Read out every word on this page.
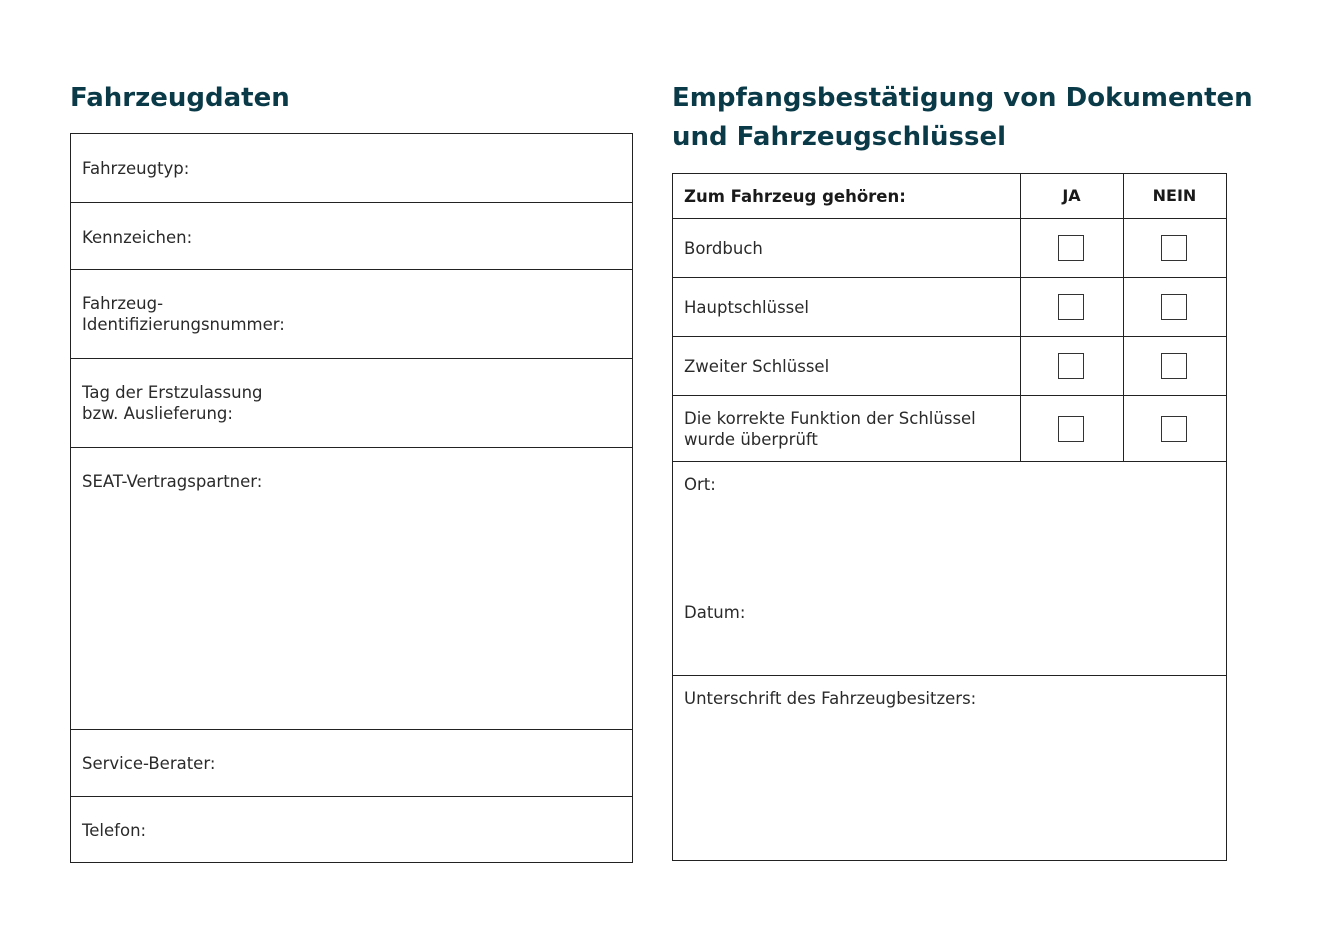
Fahrzeugdaten
Fahrzeugtyp:
Kennzeichen:
Fahrzeug-
Identifizierungsnummer:
Tag der Erstzulassung
bzw. Auslieferung:
SEAT-Vertragspartner:
Service-Berater:
Telefon:
Empfangsbestätigung von Dokumenten und Fahrzeugschlüssel
Zum Fahrzeug gehören:	JA	NEIN
Bordbuch
Hauptschlüssel
Zweiter Schlüssel
Die korrekte Funktion der Schlüssel
wurde überprüft
Ort:
Datum:
Unterschrift des Fahrzeugbesitzers:
